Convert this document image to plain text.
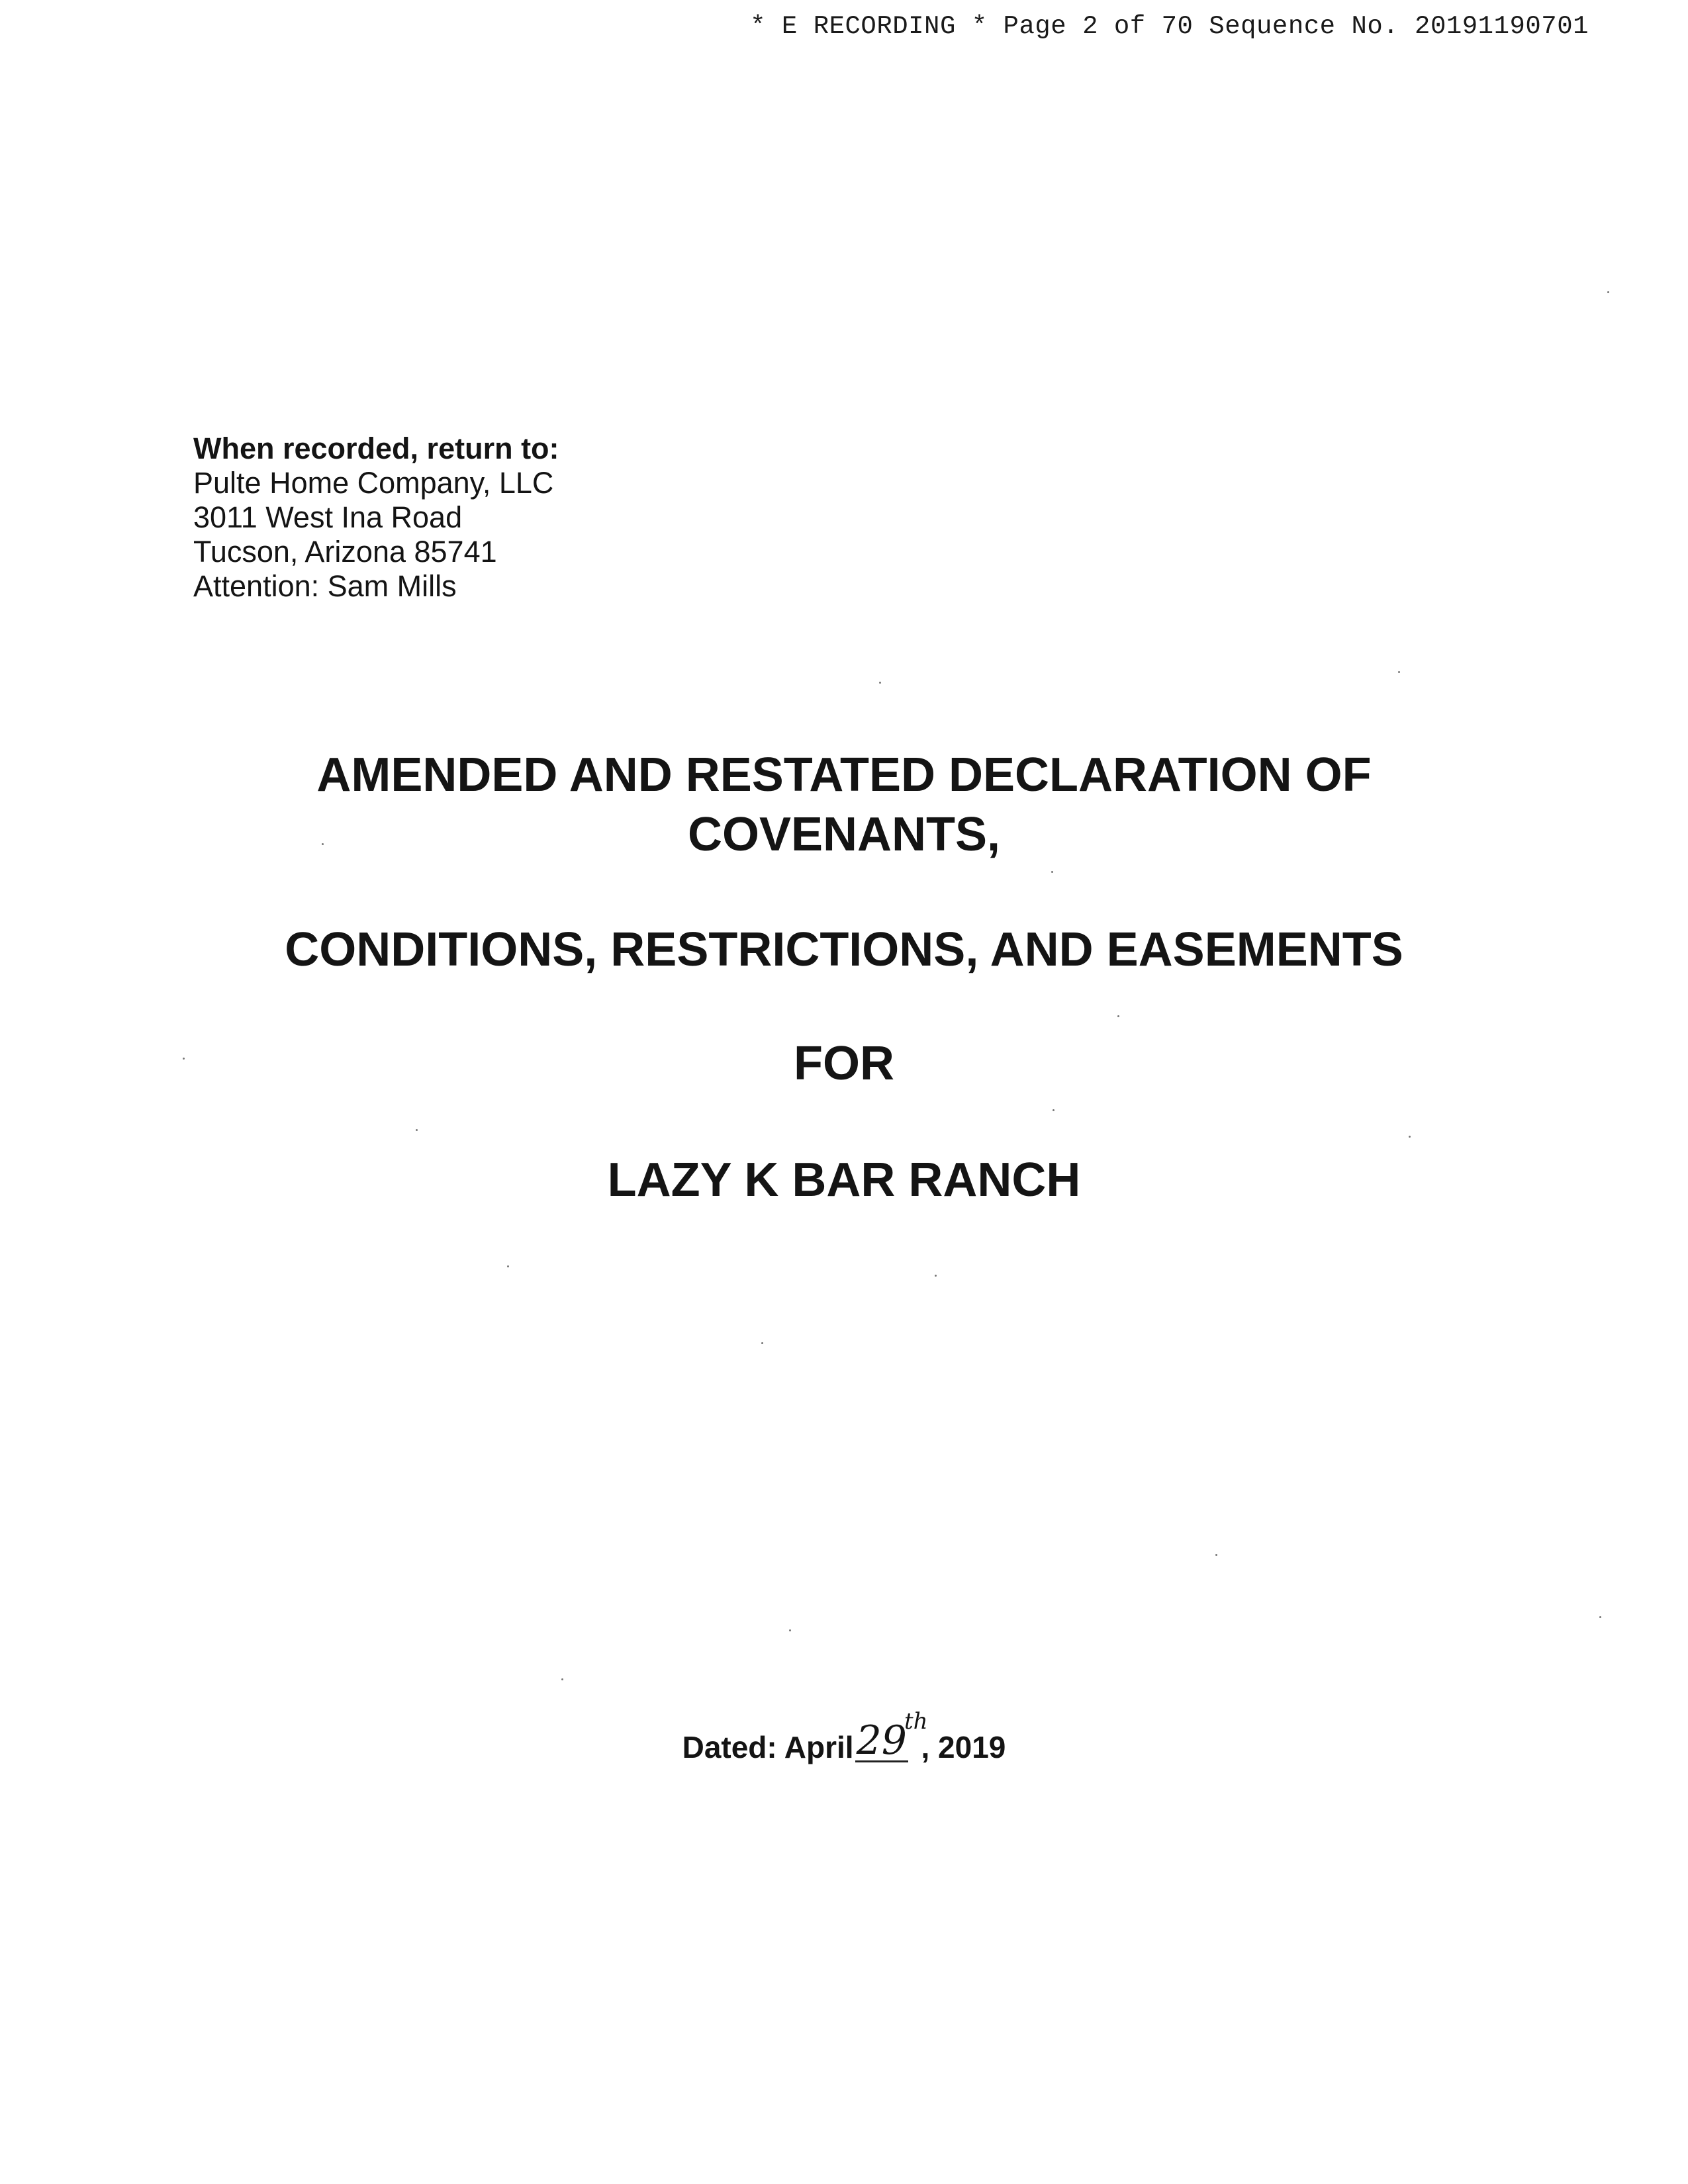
* E RECORDING * Page 2 of 70 Sequence No. 20191190701
When recorded, return to:
Pulte Home Company, LLC
3011 West Ina Road
Tucson, Arizona 85741
Attention: Sam Mills
AMENDED AND RESTATED DECLARATION OF
COVENANTS,
CONDITIONS, RESTRICTIONS, AND EASEMENTS
FOR
LAZY K BAR RANCH
Dated: April29th, 2019
